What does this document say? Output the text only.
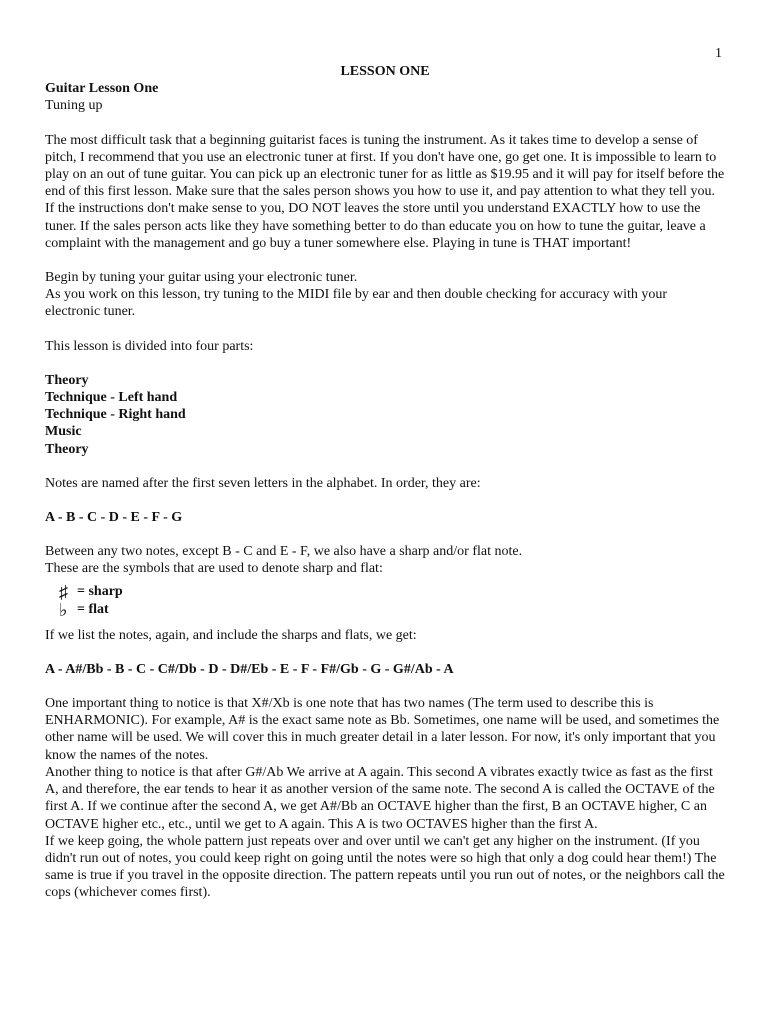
1

LESSON ONE

Guitar Lesson One

Tuning up

The most difficult task that a beginning guitarist faces is tuning the instrument. As it takes time to develop a sense of pitch, I recommend that you use an electronic tuner at first. If you don't have one, go get one. It is impossible to learn to play on an out of tune guitar. You can pick up an electronic tuner for as little as $19.95 and it will pay for itself before the end of this first lesson. Make sure that the sales person shows you how to use it, and pay attention to what they tell you. If the instructions don't make sense to you, DO NOT leaves the store until you understand EXACTLY how to use the tuner. If the sales person acts like they have something better to do than educate you on how to tune the guitar, leave a complaint with the management and go buy a tuner somewhere else. Playing in tune is THAT important!

Begin by tuning your guitar using your electronic tuner.

As you work on this lesson, try tuning to the MIDI file by ear and then double checking for accuracy with your electronic tuner.

This lesson is divided into four parts:

Theory

Technique - Left hand

Technique - Right hand

Music

Theory

Notes are named after the first seven letters in the alphabet. In order, they are:

A - B - C - D - E - F - G

Between any two notes, except B - C and E - F, we also have a sharp and/or flat note.

These are the symbols that are used to denote sharp and flat:

♯ = sharp
♭ = flat

If we list the notes, again, and include the sharps and flats, we get:

A - A#/Bb - B - C - C#/Db - D - D#/Eb - E - F - F#/Gb - G - G#/Ab - A

One important thing to notice is that X#/Xb is one note that has two names (The term used to describe this is ENHARMONIC). For example, A# is the exact same note as Bb. Sometimes, one name will be used, and sometimes the other name will be used. We will cover this in much greater detail in a later lesson. For now, it's only important that you know the names of the notes.

Another thing to notice is that after G#/Ab We arrive at A again. This second A vibrates exactly twice as fast as the first A, and therefore, the ear tends to hear it as another version of the same note. The second A is called the OCTAVE of the first A. If we continue after the second A, we get A#/Bb an OCTAVE higher than the first, B an OCTAVE higher, C an OCTAVE higher etc., etc., until we get to A again. This A is two OCTAVES higher than the first A.

If we keep going, the whole pattern just repeats over and over until we can't get any higher on the instrument. (If you didn't run out of notes, you could keep right on going until the notes were so high that only a dog could hear them!) The same is true if you travel in the opposite direction. The pattern repeats until you run out of notes, or the neighbors call the cops (whichever comes first).
